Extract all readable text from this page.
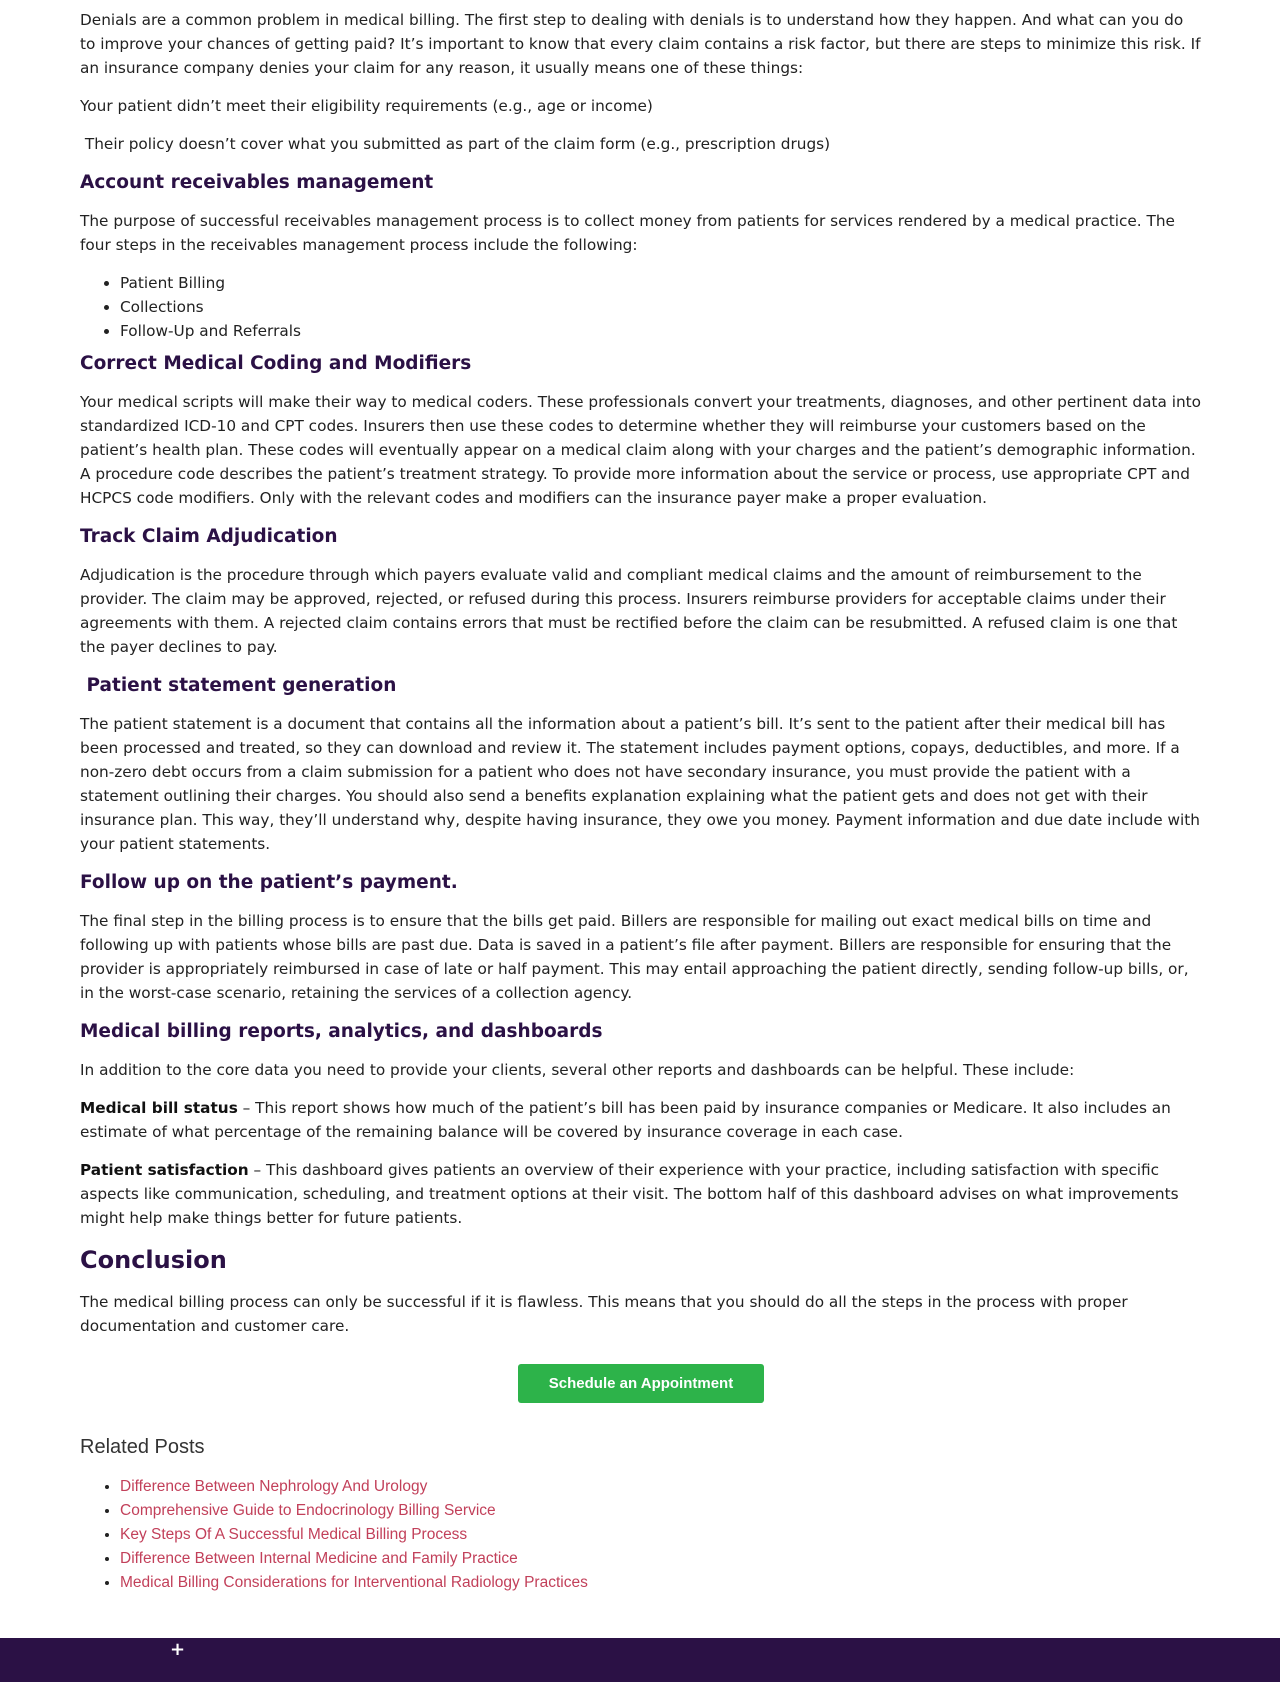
Denials are a common problem in medical billing. The first step to dealing with denials is to understand how they happen. And what can you do to improve your chances of getting paid? It’s important to know that every claim contains a risk factor, but there are steps to minimize this risk. If an insurance company denies your claim for any reason, it usually means one of these things:

Your patient didn’t meet their eligibility requirements (e.g., age or income)

Their policy doesn’t cover what you submitted as part of the claim form (e.g., prescription drugs)

Account receivables management

The purpose of successful receivables management process is to collect money from patients for services rendered by a medical practice. The four steps in the receivables management process include the following:

• Patient Billing
• Collections
• Follow-Up and Referrals
Correct Medical Coding and Modifiers

Your medical scripts will make their way to medical coders. These professionals convert your treatments, diagnoses, and other pertinent data into standardized ICD-10 and CPT codes. Insurers then use these codes to determine whether they will reimburse your customers based on the patient’s health plan. These codes will eventually appear on a medical claim along with your charges and the patient’s demographic information. A procedure code describes the patient’s treatment strategy. To provide more information about the service or process, use appropriate CPT and HCPCS code modifiers. Only with the relevant codes and modifiers can the insurance payer make a proper evaluation.

Track Claim Adjudication

Adjudication is the procedure through which payers evaluate valid and compliant medical claims and the amount of reimbursement to the provider. The claim may be approved, rejected, or refused during this process. Insurers reimburse providers for acceptable claims under their agreements with them. A rejected claim contains errors that must be rectified before the claim can be resubmitted. A refused claim is one that the payer declines to pay.

Patient statement generation

The patient statement is a document that contains all the information about a patient’s bill. It’s sent to the patient after their medical bill has been processed and treated, so they can download and review it. The statement includes payment options, copays, deductibles, and more. If a non-zero debt occurs from a claim submission for a patient who does not have secondary insurance, you must provide the patient with a statement outlining their charges. You should also send a benefits explanation explaining what the patient gets and does not get with their insurance plan. This way, they’ll understand why, despite having insurance, they owe you money. Payment information and due date include with your patient statements.

Follow up on the patient’s payment.

The final step in the billing process is to ensure that the bills get paid. Billers are responsible for mailing out exact medical bills on time and following up with patients whose bills are past due. Data is saved in a patient’s file after payment. Billers are responsible for ensuring that the provider is appropriately reimbursed in case of late or half payment. This may entail approaching the patient directly, sending follow-up bills, or, in the worst-case scenario, retaining the services of a collection agency.

Medical billing reports, analytics, and dashboards

In addition to the core data you need to provide your clients, several other reports and dashboards can be helpful. These include:

Medical bill status – This report shows how much of the patient’s bill has been paid by insurance companies or Medicare. It also includes an estimate of what percentage of the remaining balance will be covered by insurance coverage in each case.

Patient satisfaction – This dashboard gives patients an overview of their experience with your practice, including satisfaction with specific aspects like communication, scheduling, and treatment options at their visit. The bottom half of this dashboard advises on what improvements might help make things better for future patients.

Conclusion

The medical billing process can only be successful if it is flawless. This means that you should do all the steps in the process with proper documentation and customer care.

Schedule an Appointment
Related Posts
• Difference Between Nephrology And Urology
• Comprehensive Guide to Endocrinology Billing Service
• Key Steps Of A Successful Medical Billing Process
• Difference Between Internal Medicine and Family Practice
• Medical Billing Considerations for Interventional Radiology Practices
+
